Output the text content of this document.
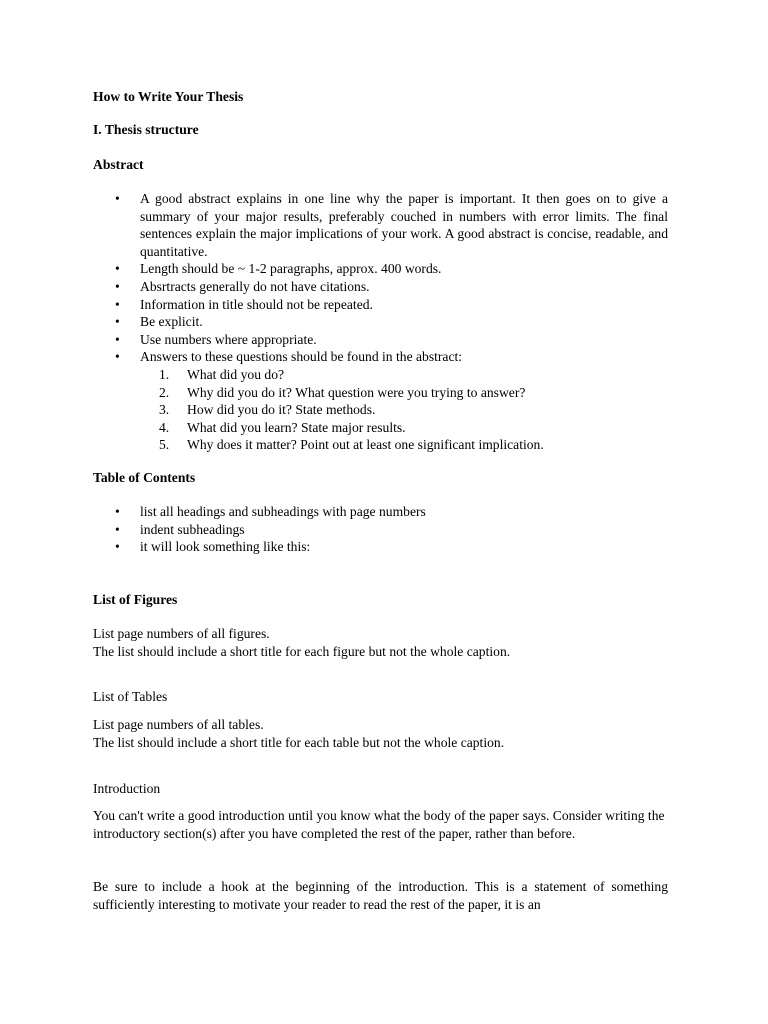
How to Write Your Thesis
I. Thesis structure
Abstract
• A good abstract explains in one line why the paper is important. It then goes on to give a summary of your major results, preferably couched in numbers with error limits. The final sentences explain the major implications of your work. A good abstract is concise, readable, and quantitative.
• Length should be ~ 1-2 paragraphs, approx. 400 words.
• Absrtracts generally do not have citations.
• Information in title should not be repeated.
• Be explicit.
• Use numbers where appropriate.
• Answers to these questions should be found in the abstract:
1. What did you do?
2. Why did you do it? What question were you trying to answer?
3. How did you do it? State methods.
4. What did you learn? State major results.
5. Why does it matter? Point out at least one significant implication.
Table of Contents
• list all headings and subheadings with page numbers
• indent subheadings
• it will look something like this:
List of Figures

List page numbers of all figures.

The list should include a short title for each figure but not the whole caption.

List of Tables

List page numbers of all tables.

The list should include a short title for each table but not the whole caption.

Introduction

You can't write a good introduction until you know what the body of the paper says. Consider writing the introductory section(s) after you have completed the rest of the paper, rather than before.

Be sure to include a hook at the beginning of the introduction. This is a statement of something sufficiently interesting to motivate your reader to read the rest of the paper, it is an
